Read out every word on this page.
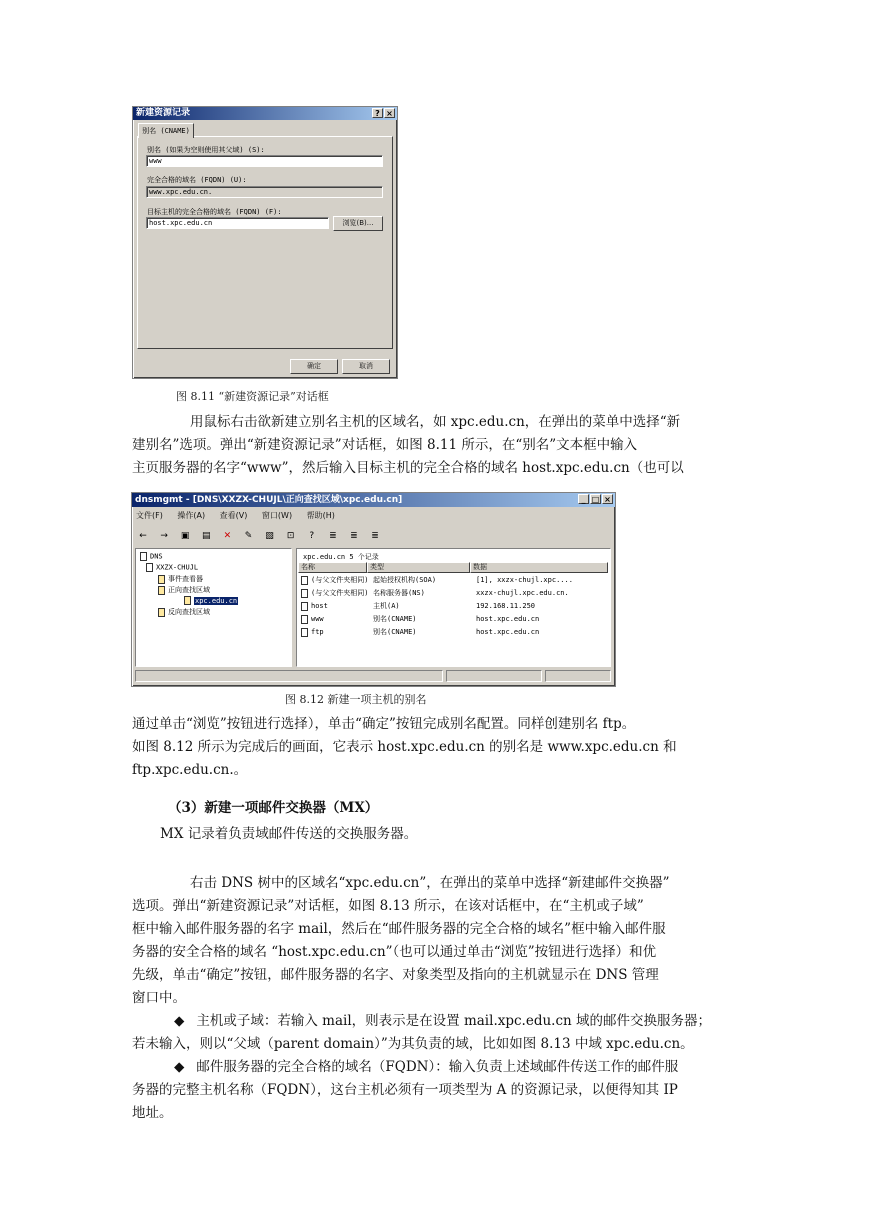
新建资源记录	? ×
别名 (CNAME)
别名 (如果为空则使用其父域) (S):
www
完全合格的域名 (FQDN) (U):
www.xpc.edu.cn.
目标主机的完全合格的域名 (FQDN) (F):
host.xpc.edu.cn	浏览(B)...
确定	取消
图 8.11 “新建资源记录”对话框
用鼠标右击欲新建立别名主机的区域名，如 xpc.edu.cn，在弹出的菜单中选择“新
建别名”选项。弹出“新建资源记录”对话框，如图 8.11 所示，在“别名”文本框中输入
主页服务器的名字“www”，然后输入目标主机的完全合格的域名 host.xpc.edu.cn（也可以
dnsmgmt - [DNS\XXZX-CHUJL\正向查找区域\xpc.edu.cn]	_ □ ×
文件(F) 操作(A) 查看(V) 窗口(W) 帮助(H)
← → ▣ ▤ ✕ ✎ ▧ ⊡ ? ≣ ≣ ≣
DNS
XXZX-CHUJL
事件查看器
正向查找区域
xpc.edu.cn
反向查找区域
xpc.edu.cn 5 个记录
名称	类型	数据
(与父文件夹相同) 起始授权机构(SOA)	[1], xxzx-chujl.xpc....
(与父文件夹相同) 名称服务器(NS)	xxzx-chujl.xpc.edu.cn.
host	主机(A)	192.168.11.250
www	别名(CNAME)	host.xpc.edu.cn
ftp	别名(CNAME)	host.xpc.edu.cn
图 8.12 新建一项主机的别名
通过单击“浏览”按钮进行选择），单击“确定”按钮完成别名配置。同样创建别名 ftp。
如图 8.12 所示为完成后的画面，它表示 host.xpc.edu.cn 的别名是 www.xpc.edu.cn 和
ftp.xpc.edu.cn.。
（3）新建一项邮件交换器（MX）
MX 记录着负责域邮件传送的交换服务器。
右击 DNS 树中的区域名“xpc.edu.cn”，在弹出的菜单中选择“新建邮件交换器”
选项。弹出“新建资源记录”对话框，如图 8.13 所示，在该对话框中，在“主机或子域”
框中输入邮件服务器的名字 mail，然后在“邮件服务器的完全合格的域名”框中输入邮件服
务器的安全合格的域名 “host.xpc.edu.cn”（也可以通过单击“浏览”按钮进行选择）和优
先级，单击“确定”按钮，邮件服务器的名字、对象类型及指向的主机就显示在 DNS 管理
窗口中。
◆ 主机或子域：若输入 mail，则表示是在设置 mail.xpc.edu.cn 域的邮件交换服务器；
若未输入，则以“父域（parent domain）”为其负责的域，比如如图 8.13 中域 xpc.edu.cn。
◆ 邮件服务器的完全合格的域名（FQDN）：输入负责上述域邮件传送工作的邮件服
务器的完整主机名称（FQDN），这台主机必须有一项类型为 A 的资源记录，以便得知其 IP
地址。
